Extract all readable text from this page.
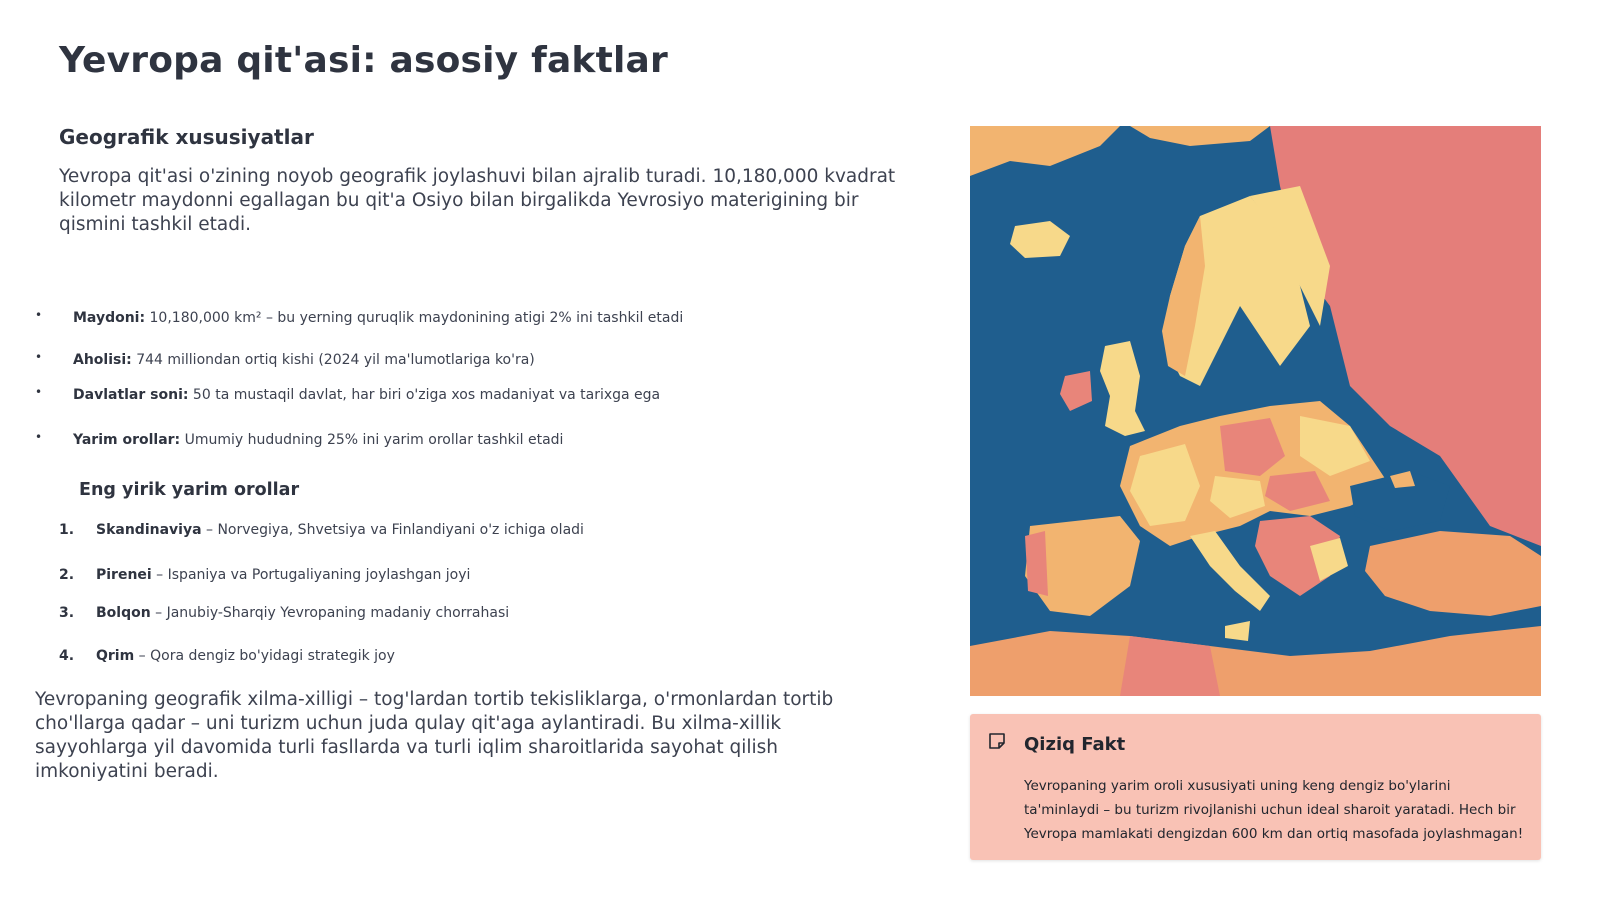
Yevropa qit'asi: asosiy faktlar
Geografik xususiyatlar

Yevropa qit'asi o'zining noyob geografik joylashuvi bilan ajralib turadi. 10,180,000 kvadrat kilometr maydonni egallagan bu qit'a Osiyo bilan birgalikda Yevrosiyo materigining bir qismini tashkil etadi.

• Maydoni: 10,180,000 km² – bu yerning quruqlik maydonining atigi 2% ini tashkil etadi
• Aholisi: 744 milliondan ortiq kishi (2024 yil ma'lumotlariga ko'ra)
• Davlatlar soni: 50 ta mustaqil davlat, har biri o'ziga xos madaniyat va tarixga ega
• Yarim orollar: Umumiy hududning 25% ini yarim orollar tashkil etadi
Eng yirik yarim orollar
1. Skandinaviya – Norvegiya, Shvetsiya va Finlandiyani o'z ichiga oladi
2. Pirenei – Ispaniya va Portugaliyaning joylashgan joyi
3. Bolqon – Janubiy-Sharqiy Yevropaning madaniy chorrahasi
4. Qrim – Qora dengiz bo'yidagi strategik joy

Yevropaning geografik xilma-xilligi – tog'lardan tortib tekisliklarga, o'rmonlardan tortib cho'llarga qadar – uni turizm uchun juda qulay qit'aga aylantiradi. Bu xilma-xillik sayyohlarga yil davomida turli fasllarda va turli iqlim sharoitlarida sayohat qilish imkoniyatini beradi.

Qiziq Fakt

Yevropaning yarim oroli xususiyati uning keng dengiz bo'ylarini ta'minlaydi – bu turizm rivojlanishi uchun ideal sharoit yaratadi. Hech bir Yevropa mamlakati dengizdan 600 km dan ortiq masofada joylashmagan!
